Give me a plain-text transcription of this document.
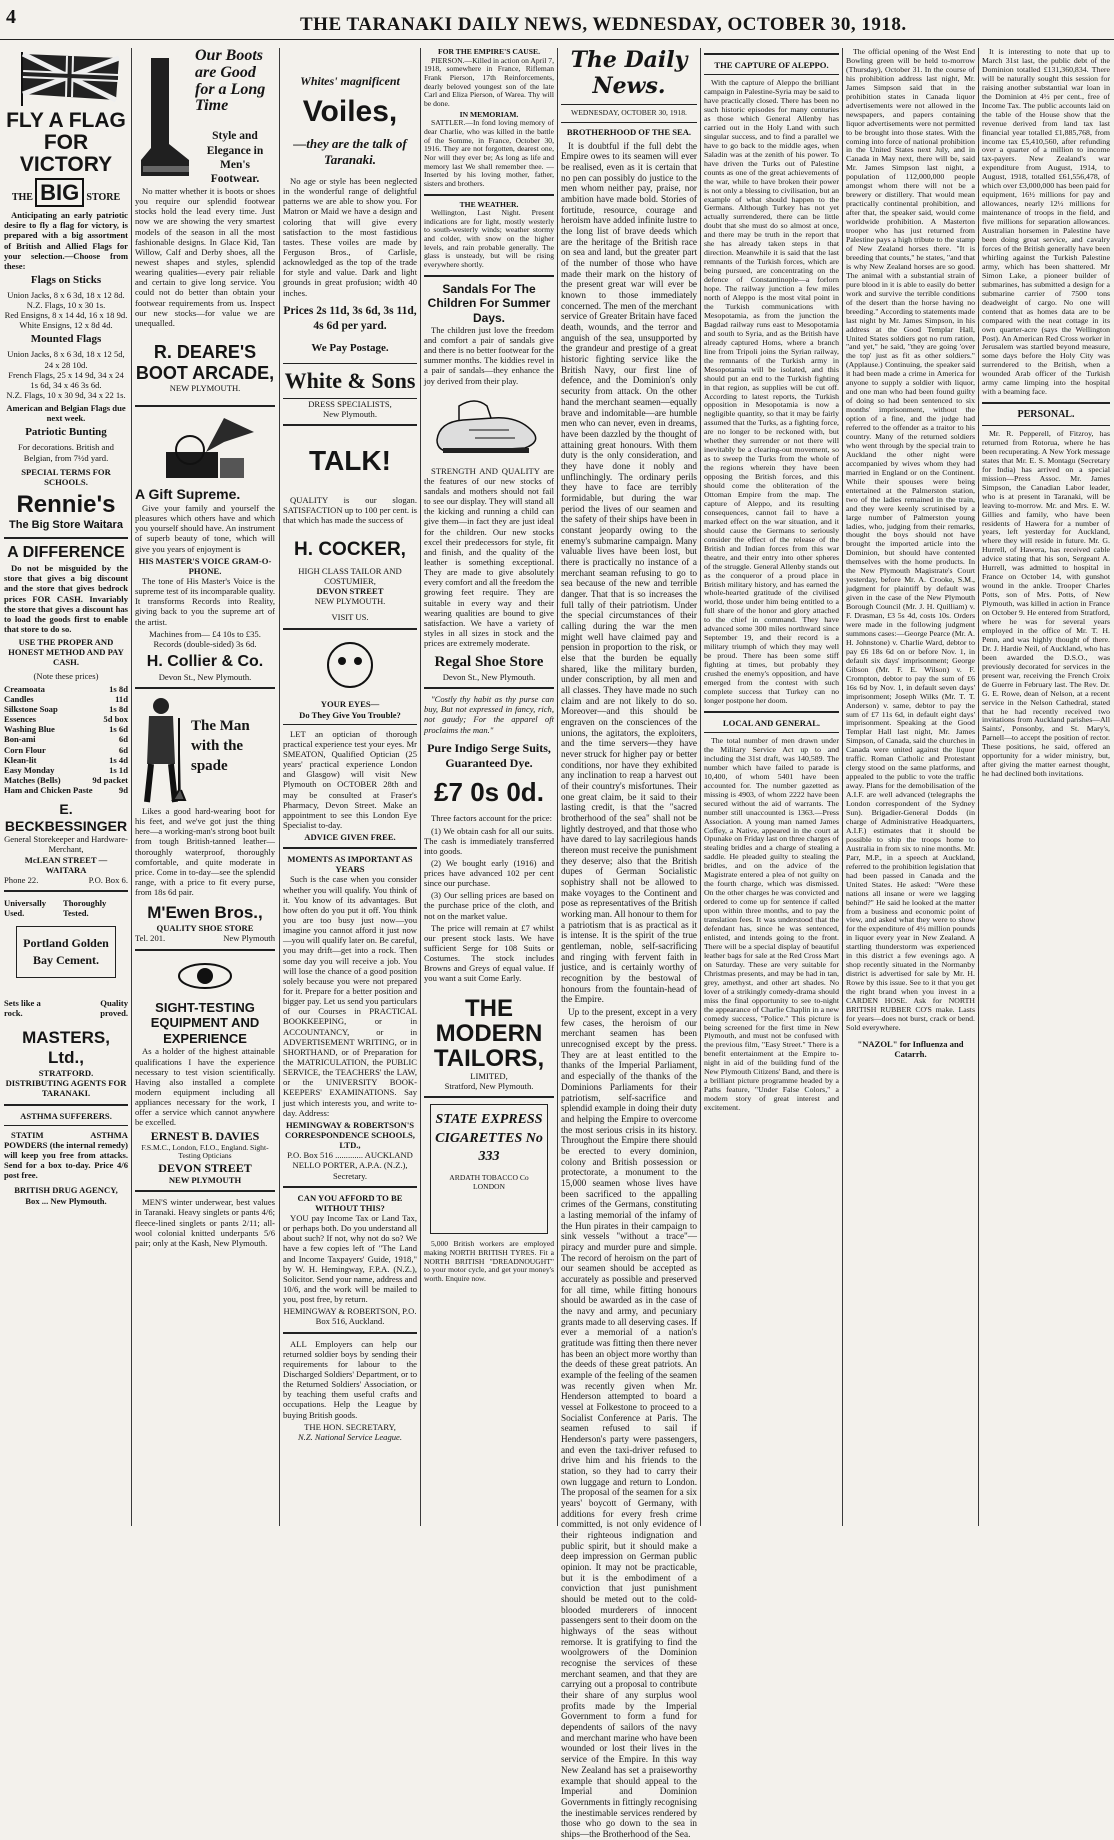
4	THE TARANAKI DAILY NEWS, WEDNESDAY, OCTOBER 30, 1918.
FLY A FLAG FOR VICTORY
THE BIG STORE
Anticipating an early patriotic desire to fly a flag for victory, is prepared with a big assortment of British and Allied Flags for your selection.—Choose from these:
Flags on Sticks
Union Jacks, 8 x 6 3d, 18 x 12 8d.
N.Z. Flags, 10 x 30 1s.
Red Ensigns, 8 x 14 4d, 16 x 18 9d.
White Ensigns, 12 x 8d 4d.
Mounted Flags
Union Jacks, 8 x 6 3d, 18 x 12 5d, 24 x 28 10d.
French Flags, 25 x 14 9d, 34 x 24 1s 6d, 34 x 46 3s 6d.
N.Z. Flags, 10 x 30 9d, 34 x 22 1s.
American and Belgian Flags due next week.
Patriotic Bunting
For decorations. British and Belgian, from 7½d yard.
SPECIAL TERMS FOR SCHOOLS.
Rennie's
The Big Store Waitara
A DIFFERENCE
Do not be misguided by the store that gives a big discount and the store that gives bedrock prices FOR CASH. Invariably the store that gives a discount has to load the goods first to enable that store to do so.
USE THE PROPER AND HONEST METHOD AND PAY CASH.
(Note these prices)
Creamoata	1s 8d
Candles	11d
Silkstone Soap	1s 8d
Essences	5d box
Washing Blue	1s 6d
Bon-ami	6d
Corn Flour	6d
Klean-lit	1s 4d
Easy Monday	1s 1d
Matches (Bells)	9d packet
Ham and Chicken Paste	9d
E. BECKBESSINGER
General Storekeeper and Hardware-Merchant,
McLEAN STREET — WAITARA
Phone 22.	P.O. Box 6.
Universally Used.
Thoroughly Tested.
Portland Golden Bay Cement.
Sets like a rock.
Quality proved.
MASTERS, Ltd.,
STRATFORD.
DISTRIBUTING AGENTS FOR TARANAKI.
ASTHMA SUFFERERS.
STATIM ASTHMA POWDERS (the internal remedy) will keep you free from attacks. Send for a box to-day. Price 4/6 post free.
BRITISH DRUG AGENCY,
Box ... New Plymouth.
Our Boots are Good for a Long Time
Style and Elegance in Men's Footwear.
No matter whether it is boots or shoes you require our splendid footwear stocks hold the lead every time. Just now we are showing the very smartest models of the season in all the most fashionable designs. In Glace Kid, Tan Willow, Calf and Derby shoes, all the newest shapes and styles, splendid wearing qualities—every pair reliable and certain to give long service. You could not do better than obtain your footwear requirements from us. Inspect our new stocks—for value we are unequalled.
R. DEARE'S BOOT ARCADE,
NEW PLYMOUTH.
A Gift Supreme.
Give your family and yourself the pleasures which others have and which you yourself should have. An instrument of superb beauty of tone, which will give you years of enjoyment is
HIS MASTER'S VOICE GRAM-O-PHONE.
The tone of His Master's Voice is the supreme test of its incomparable quality. It transforms Records into Reality, giving back to you the supreme art of the artist.
Machines from— £4 10s to £35.
Records (double-sided) 3s 6d.
H. Collier & Co.
Devon St., New Plymouth.
The Man with the spade
Likes a good hard-wearing boot for his feet, and we've got just the thing here—a working-man's strong boot built from tough British-tanned leather—thoroughly waterproof, thoroughly comfortable, and quite moderate in price. Come in to-day—see the splendid range, with a price to fit every purse, from 18s 6d pair.
M'Ewen Bros.,
QUALITY SHOE STORE
Tel. 201.	New Plymouth
SIGHT-TESTING EQUIPMENT AND EXPERIENCE
As a holder of the highest attainable qualifications I have the experience necessary to test vision scientifically. Having also installed a complete modern equipment including all appliances necessary for the work, I offer a service which cannot anywhere be excelled.
ERNEST B. DAVIES
F.S.M.C., London, F.I.O., England. Sight-Testing Opticians
DEVON STREET
NEW PLYMOUTH
MEN'S winter underwear, best values in Taranaki. Heavy singlets or pants 4/6; fleece-lined singlets or pants 2/11; all-wool colonial knitted underpants 5/6 pair; only at the Kash, New Plymouth.
Whites' magnificent
Voiles,
—they are the talk of Taranaki.
No age or style has been neglected in the wonderful range of delightful patterns we are able to show you. For Matron or Maid we have a design and coloring that will give every satisfaction to the most fastidious tastes. These voiles are made by Ferguson Bros., of Carlisle, acknowledged as the top of the trade for style and value. Dark and light grounds in great profusion; width 40 inches.
Prices 2s 11d, 3s 6d, 3s 11d, 4s 6d per yard.
We Pay Postage.
White & Sons
DRESS SPECIALISTS,
New Plymouth.
TALK!
QUALITY is our slogan. SATISFACTION up to 100 per cent. is that which has made the success of
H. COCKER,
HIGH CLASS TAILOR AND COSTUMIER,
DEVON STREET
NEW PLYMOUTH.
VISIT US.
YOUR EYES—
Do They Give You Trouble?
LET an optician of thorough practical experience test your eyes. Mr SMEATON, Qualified Optician (25 years' practical experience London and Glasgow) will visit New Plymouth on OCTOBER 28th and may be consulted at Fraser's Pharmacy, Devon Street. Make an appointment to see this London Eye Specialist to-day.
ADVICE GIVEN FREE.
MOMENTS AS IMPORTANT AS YEARS
Such is the case when you consider whether you will qualify. You think of it. You know of its advantages. But how often do you put it off. You think you are too busy just now—you imagine you cannot afford it just now—you will qualify later on. Be careful, you may drift—get into a rock. Then some day you will receive a job. You will lose the chance of a good position solely because you were not prepared for it. Prepare for a better position and bigger pay. Let us send you particulars of our Courses in PRACTICAL BOOKKEEPING, or in ACCOUNTANCY, or in ADVERTISEMENT WRITING, or in SHORTHAND, or of Preparation for the MATRICULATION, the PUBLIC SERVICE, the TEACHERS' the LAW, or the UNIVERSITY BOOK-KEEPERS' EXAMINATIONS. Say just which interests you, and write to-day. Address:
HEMINGWAY & ROBERTSON'S CORRESPONDENCE SCHOOLS, LTD.,
P.O. Box 516 ............. AUCKLAND
NELLO PORTER, A.P.A. (N.Z.), Secretary.
CAN YOU AFFORD TO BE WITHOUT THIS?
YOU pay Income Tax or Land Tax, or perhaps both. Do you understand all about such? If not, why not do so? We have a few copies left of "The Land and Income Taxpayers' Guide, 1918," by W. H. Hemingway, F.P.A. (N.Z.), Solicitor. Send your name, address and 10/6, and the work will be mailed to you, post free, by return.
HEMINGWAY & ROBERTSON, P.O. Box 516, Auckland.
ALL Employers can help our returned soldier boys by sending their requirements for labour to the Discharged Soldiers' Department, or to the Returned Soldiers' Association, or by teaching them useful crafts and occupations. Help the League by buying British goods.
THE HON. SECRETARY,
N.Z. National Service League.
FOR THE EMPIRE'S CAUSE.
PIERSON.—Killed in action on April 7, 1918, somewhere in France, Rifleman Frank Pierson, 17th Reinforcements, dearly beloved youngest son of the late Carl and Eliza Pierson, of Warea. Thy will be done.
IN MEMORIAM.
SATTLER.—In fond loving memory of dear Charlie, who was killed in the battle of the Somme, in France, October 30, 1916. They are not forgotten, dearest one, Nor will they ever be; As long as life and memory last We shall remember thee. —Inserted by his loving mother, father, sisters and brothers.
THE WEATHER.
Wellington, Last Night. Present indications are for light, mostly westerly to south-westerly winds; weather stormy and colder, with snow on the higher levels, and rain probable generally. The glass is unsteady, but will be rising everywhere shortly.
Sandals For The Children For Summer Days.
The children just love the freedom and comfort a pair of sandals give and there is no better footwear for the summer months. The kiddies revel in a pair of sandals—they enhance the joy derived from their play.
STRENGTH AND QUALITY are the features of our new stocks of sandals and mothers should not fail to see our display. They will stand all the kicking and running a child can give them—in fact they are just ideal for the children. Our new stocks excel their predecessors for style, fit and finish, and the quality of the leather is something exceptional. They are made to give absolutely every comfort and all the freedom the growing feet require. They are suitable in every way and their wearing qualities are bound to give satisfaction. We have a variety of styles in all sizes in stock and the prices are extremely moderate.
Regal Shoe Store
Devon St., New Plymouth.
"Costly thy habit as thy purse can buy, But not expressed in fancy, rich, not gaudy; For the apparel oft proclaims the man."
Pure Indigo Serge Suits, Guaranteed Dye.
£7 0s 0d.
Three factors account for the price:
(1) We obtain cash for all our suits. The cash is immediately transferred into goods.
(2) We bought early (1916) and prices have advanced 102 per cent since our purchase.
(3) Our selling prices are based on the purchase price of the cloth, and not on the market value.
The price will remain at £7 whilst our present stock lasts. We have sufficient Serge for 108 Suits or Costumes. The stock includes Browns and Greys of equal value. If you want a suit Come Early.
THE MODERN TAILORS,
LIMITED,
Stratford, New Plymouth.
STATE EXPRESS CIGARETTES No 333
ARDATH TOBACCO Co LONDON
5,000 British workers are employed making NORTH BRITISH TYRES. Fit a NORTH BRITISH "DREADNOUGHT" to your motor cycle, and get your money's worth. Enquire now.
The Daily News.
WEDNESDAY, OCTOBER 30, 1918.
BROTHERHOOD OF THE SEA.
It is doubtful if the full debt the Empire owes to its seamen will ever be realised, even as it is certain that no pen can possibly do justice to the men whom neither pay, praise, nor ambition have made bold. Stories of fortitude, resource, courage and heroism have added infinite lustre to the long list of brave deeds which are the heritage of the British race on sea and land, but the greater part of the number of those who have made their mark on the history of the present great war will ever be known to those immediately concerned. The men of the merchant service of Greater Britain have faced death, wounds, and the terror and anguish of the sea, unsupported by the grandeur and prestige of a great historic fighting service like the British Navy, our first line of defence, and the Dominion's only security from attack. On the other hand the merchant seamen—equally brave and indomitable—are humble men who can never, even in dreams, have been dazzled by the thought of attaining great honours. With them duty is the only consideration, and they have done it nobly and unflinchingly. The ordinary perils they have to face are terribly formidable, but during the war period the lives of our seamen and the safety of their ships have been in constant jeopardy owing to the enemy's submarine campaign. Many valuable lives have been lost, but there is practically no instance of a merchant seaman refusing to go to sea because of the new and terrible danger. That that is so increases the full tally of their patriotism. Under the special circumstances of their calling during the war the men might well have claimed pay and pension in proportion to the risk, or else that the burden be equally shared, like the military burden, under conscription, by all men and all classes. They have made no such claim and are not likely to do so. Moreover—and this should be engraven on the consciences of the unions, the agitators, the exploiters, and the time servers—they have never struck for higher pay or better conditions, nor have they exhibited any inclination to reap a harvest out of their country's misfortunes. Their one great claim, be it said to their lasting credit, is that the "sacred brotherhood of the sea" shall not be lightly destroyed, and that those who have dared to lay sacrilegious hands thereon must receive the punishment they deserve; also that the British dupes of German Socialistic sophistry shall not be allowed to make voyages to the Continent and pose as representatives of the British working man. All honour to them for a patriotism that is as practical as it is intense. It is the spirit of the true gentleman, noble, self-sacrificing and ringing with fervent faith in justice, and is certainly worthy of recognition by the bestowal of honours from the fountain-head of the Empire.
Up to the present, except in a very few cases, the heroism of our merchant seamen has been unrecognised except by the press. They are at least entitled to the thanks of the Imperial Parliament, and especially of the thanks of the Dominions Parliaments for their patriotism, self-sacrifice and splendid example in doing their duty and helping the Empire to overcome the most serious crisis in its history. Throughout the Empire there should be erected to every dominion, colony and British possession or protectorate, a monument to the 15,000 seamen whose lives have been sacrificed to the appalling crimes of the Germans, constituting a lasting memorial of the infamy of the Hun pirates in their campaign to sink vessels "without a trace"—piracy and murder pure and simple. The record of heroism on the part of our seamen should be accepted as accurately as possible and preserved for all time, while fitting honours should be awarded as in the case of the navy and army, and pecuniary grants made to all deserving cases. If ever a memorial of a nation's gratitude was fitting then there never has been an object more worthy than the deeds of these great patriots. An example of the feeling of the seamen was recently given when Mr. Henderson attempted to board a vessel at Folkestone to proceed to a Socialist Conference at Paris. The seamen refused to sail if Henderson's party were passengers, and even the taxi-driver refused to drive him and his friends to the station, so they had to carry their own luggage and return to London. The proposal of the seamen for a six years' boycott of Germany, with additions for every fresh crime committed, is not only evidence of their righteous indignation and public spirit, but it should make a deep impression on German public opinion. It may not be practicable, but it is the embodiment of a conviction that just punishment should be meted out to the cold-blooded murderers of innocent passengers sent to their doom on the highways of the seas without remorse. It is gratifying to find the woolgrowers of the Dominion recognise the services of these merchant seamen, and that they are carrying out a proposal to contribute their share of any surplus wool profits made by the Imperial Government to form a fund for dependents of sailors of the navy and merchant marine who have been wounded or lost their lives in the service of the Empire. In this way New Zealand has set a praiseworthy example that should appeal to the Imperial and Dominion Governments in fittingly recognising the inestimable services rendered by those who go down to the sea in ships—the Brotherhood of the Sea.
THE CAPTURE OF ALEPPO.
With the capture of Aleppo the brilliant campaign in Palestine-Syria may be said to have practically closed. There has been no such historic episodes for many centuries as those which General Allenby has carried out in the Holy Land with such singular success, and to find a parallel we have to go back to the middle ages, when Saladin was at the zenith of his power. To have driven the Turks out of Palestine counts as one of the great achievements of the war, while to have broken their power is not only a blessing to civilisation, but an example of what should happen to the Germans. Although Turkey has not yet actually surrendered, there can be little doubt that she must do so almost at once, and there may be truth in the report that she has already taken steps in that direction. Meanwhile it is said that the last remnants of the Turkish forces, which are being pursued, are concentrating on the defence of Constantinople—a forlorn hope. The railway junction a few miles north of Aleppo is the most vital point in the Turkish communications with Mesopotamia, as from the junction the Bagdad railway runs east to Mesopotamia and south to Syria, and as the British have already captured Homs, where a branch line from Tripoli joins the Syrian railway, the remnants of the Turkish army in Mesopotamia will be isolated, and this should put an end to the Turkish fighting in that region, as supplies will be cut off. According to latest reports, the Turkish opposition in Mesopotamia is now a negligible quantity, so that it may be fairly assumed that the Turks, as a fighting force, are no longer to be reckoned with, but whether they surrender or not there will inevitably be a clearing-out movement, so as to sweep the Turks from the whole of the regions wherein they have been opposing the British forces, and this should come the obliteration of the Ottoman Empire from the map. The capture of Aleppo, and its resulting consequences, cannot fail to have a marked effect on the war situation, and it should cause the Germans to seriously consider the effect of the release of the British and Indian forces from this war theatre, and their entry into other spheres of the struggle. General Allenby stands out as the conqueror of a proud place in British military history, and has earned the whole-hearted gratitude of the civilised world, those under him being entitled to a full share of the honor and glory attached to the chief in command. They have advanced some 300 miles northward since September 19, and their record is a military triumph of which they may well be proud. There has been some stiff fighting at times, but probably they crushed the enemy's opposition, and have emerged from the contest with such complete success that Turkey can no longer postpone her doom.
LOCAL AND GENERAL.
The total number of men drawn under the Military Service Act up to and including the 31st draft, was 140,589. The number which have failed to parade is 10,400, of whom 5401 have been accounted for. The number gazetted as missing is 4903, of whom 2222 have been secured without the aid of warrants. The number still unaccounted is 1363.—Press Association. A young man named James Coffey, a Native, appeared in the court at Opunake on Friday last on three charges of stealing bridles and a charge of stealing a saddle. He pleaded guilty to stealing the bridles, and on the advice of the Magistrate entered a plea of not guilty on the fourth charge, which was dismissed. On the other charges he was convicted and ordered to come up for sentence if called upon within three months, and to pay the translation fees. It was understood that the defendant has, since he was sentenced, enlisted, and intends going to the front. There will be a special display of beautiful leather bags for sale at the Red Cross Mart on Saturday. These are very suitable for Christmas presents, and may be had in tan, grey, amethyst, and other art shades. No lover of a strikingly comedy-drama should miss the final opportunity to see to-night the appearance of Charlie Chaplin in a new comedy success, "Police." This picture is being screened for the first time in New Plymouth, and must not be confused with the previous film, "Easy Street." There is a benefit entertainment at the Empire to-night in aid of the building fund of the New Plymouth Citizens' Band, and there is a brilliant picture programme headed by a Paths feature, "Under False Colors," a modern story of great interest and excitement.
The official opening of the West End Bowling green will be held to-morrow (Thursday), October 31. In the course of his prohibition address last night, Mr. James Simpson said that in the prohibition states in Canada liquor advertisements were not allowed in the newspapers, and papers containing liquor advertisements were not permitted to be brought into those states. With the coming into force of national prohibition in the United States next July, and in Canada in May next, there will be, said Mr. James Simpson last night, a population of 112,000,000 people amongst whom there will not be a brewery or distillery. That would mean practically continental prohibition, and after that, the speaker said, would come worldwide prohibition. A Masterton trooper who has just returned from Palestine pays a high tribute to the stamp of New Zealand horses there. "It is breeding that counts," he states, "and that is why New Zealand horses are so good. The animal with a substantial strain of pure blood in it is able to easily do better work and survive the terrible conditions of the desert than the horse having no breeding." According to statements made last night by Mr. James Simpson, in his address at the Good Templar Hall, United States soldiers got no rum ration, "and yet," he said, "they are going 'over the top' just as fit as other soldiers." (Applause.) Continuing, the speaker said it had been made a crime in America for anyone to supply a soldier with liquor, and one man who had been found guilty of doing so had been sentenced to six months' imprisonment, without the option of a fine, and the judge had referred to the offender as a traitor to his country. Many of the returned soldiers who went through by the special train to Auckland the other night were accompanied by wives whom they had married in England or on the Continent. While their spouses were being entertained at the Palmerston station, two of the ladies remained in the train, and they were keenly scrutinised by a large number of Palmerston young ladies, who, judging from their remarks, thought the boys should not have brought the imported article into the Dominion, but should have contented themselves with the home products. In the New Plymouth Magistrate's Court yesterday, before Mr. A. Crooke, S.M., judgment for plaintiff by default was given in the case of the New Plymouth Borough Council (Mr. J. H. Quilliam) v. F. Drasman, £3 5s 4d, costs 10s. Orders were made in the following judgment summons cases:—George Pearce (Mr. A. H. Johnstone) v. Charlie Ward, debtor to pay £6 18s 6d on or before Nov. 1, in default six days' imprisonment; George Gibson (Mr. F. E. Wilson) v. F. Crompton, debtor to pay the sum of £6 16s 6d by Nov. 1, in default seven days' imprisonment; Joseph Wilks (Mr. T. T. Anderson) v. same, debtor to pay the sum of £7 11s 6d, in default eight days' imprisonment. Speaking at the Good Templar Hall last night, Mr. James Simpson, of Canada, said the churches in Canada were united against the liquor traffic. Roman Catholic and Protestant clergy stood on the same platforms, and appealed to the public to vote the traffic away. Plans for the demobilisation of the A.I.F. are well advanced (telegraphs the London correspondent of the Sydney Sun). Brigadier-General Dodds (in charge of Administrative Headquarters, A.I.F.) estimates that it should be possible to ship the troops home to Australia in from six to nine months. Mr. Parr, M.P., in a speech at Auckland, referred to the prohibition legislation that had been passed in Canada and the United States. He asked: "Were these nations all insane or were we lagging behind?" He said he looked at the matter from a business and economic point of view, and asked what they were to show for the expenditure of 4½ million pounds in liquor every year in New Zealand. A startling thunderstorm was experienced in this district a few evenings ago. A shop recently situated in the Normanby district is advertised for sale by Mr. H. Rowe by this issue. See to it that you get the right brand when you invest in a CARDEN HOSE. Ask for NORTH BRITISH RUBBER CO'S make. Lasts for years—does not burst, crack or bend. Sold everywhere.
"NAZOL" for Influenza and Catarrh.
It is interesting to note that up to March 31st last, the public debt of the Dominion totalled £131,360,834. There will be naturally sought this session for raising another substantial war loan in the Dominion at 4½ per cent., free of Income Tax. The public accounts laid on the table of the House show that the revenue derived from land tax last financial year totalled £1,885,768, from income tax £5,410,560, after refunding over a quarter of a million to income tax-payers. New Zealand's war expenditure from August, 1914, to August, 1918, totalled £61,556,478, of which over £3,000,000 has been paid for equipment, 16½ millions for pay and allowances, nearly 12½ millions for maintenance of troops in the field, and five millions for separation allowances. Australian horsemen in Palestine have been doing great service, and cavalry forces of the British generally have been whirling against the Turkish Palestine army, which has been shattered. Mr Simon Lake, a pioneer builder of submarines, has submitted a design for a submarine carrier of 7500 tons deadweight of cargo. No one will contend that as homes data are to be compared with the neat cottage in its own quarter-acre (says the Wellington Post). An American Red Cross worker in Jerusalem was startled beyond measure, some days before the Holy City was surrendered to the British, when a wounded Arab officer of the Turkish army came limping into the hospital with a beaming face.
PERSONAL.
Mr. R. Pepperell, of Fitzroy, has returned from Rotorua, where he has been recuperating. A New York message states that Mr. E. S. Montagu (Secretary for India) has arrived on a special mission—Press Assoc. Mr. James Simpson, the Canadian Labor leader, who is at present in Taranaki, will be leaving to-morrow. Mr. and Mrs. E. W. Gillies and family, who have been residents of Hawera for a number of years, left yesterday for Auckland, where they will reside in future. Mr. G. Hurrell, of Hawera, has received cable advice stating that his son, Sergeant A. Hurrell, was admitted to hospital in France on October 14, with gunshot wound in the ankle. Trooper Charles Potts, son of Mrs. Potts, of New Plymouth, was killed in action in France on October 9. He entered from Stratford, where he was for several years employed in the office of Mr. T. H. Penn, and was highly thought of there. Dr. J. Hardie Neil, of Auckland, who has been awarded the D.S.O., was previously decorated for services in the present war, receiving the French Croix de Guerre in February last. The Rev. Dr. G. E. Rowe, dean of Nelson, at a recent service in the Nelson Cathedral, stated that he had recently received two invitations from Auckland parishes—All Saints', Ponsonby, and St. Mary's, Parnell—to accept the position of rector. These positions, he said, offered an opportunity for a wider ministry, but, after giving the matter earnest thought, he had declined both invitations.
